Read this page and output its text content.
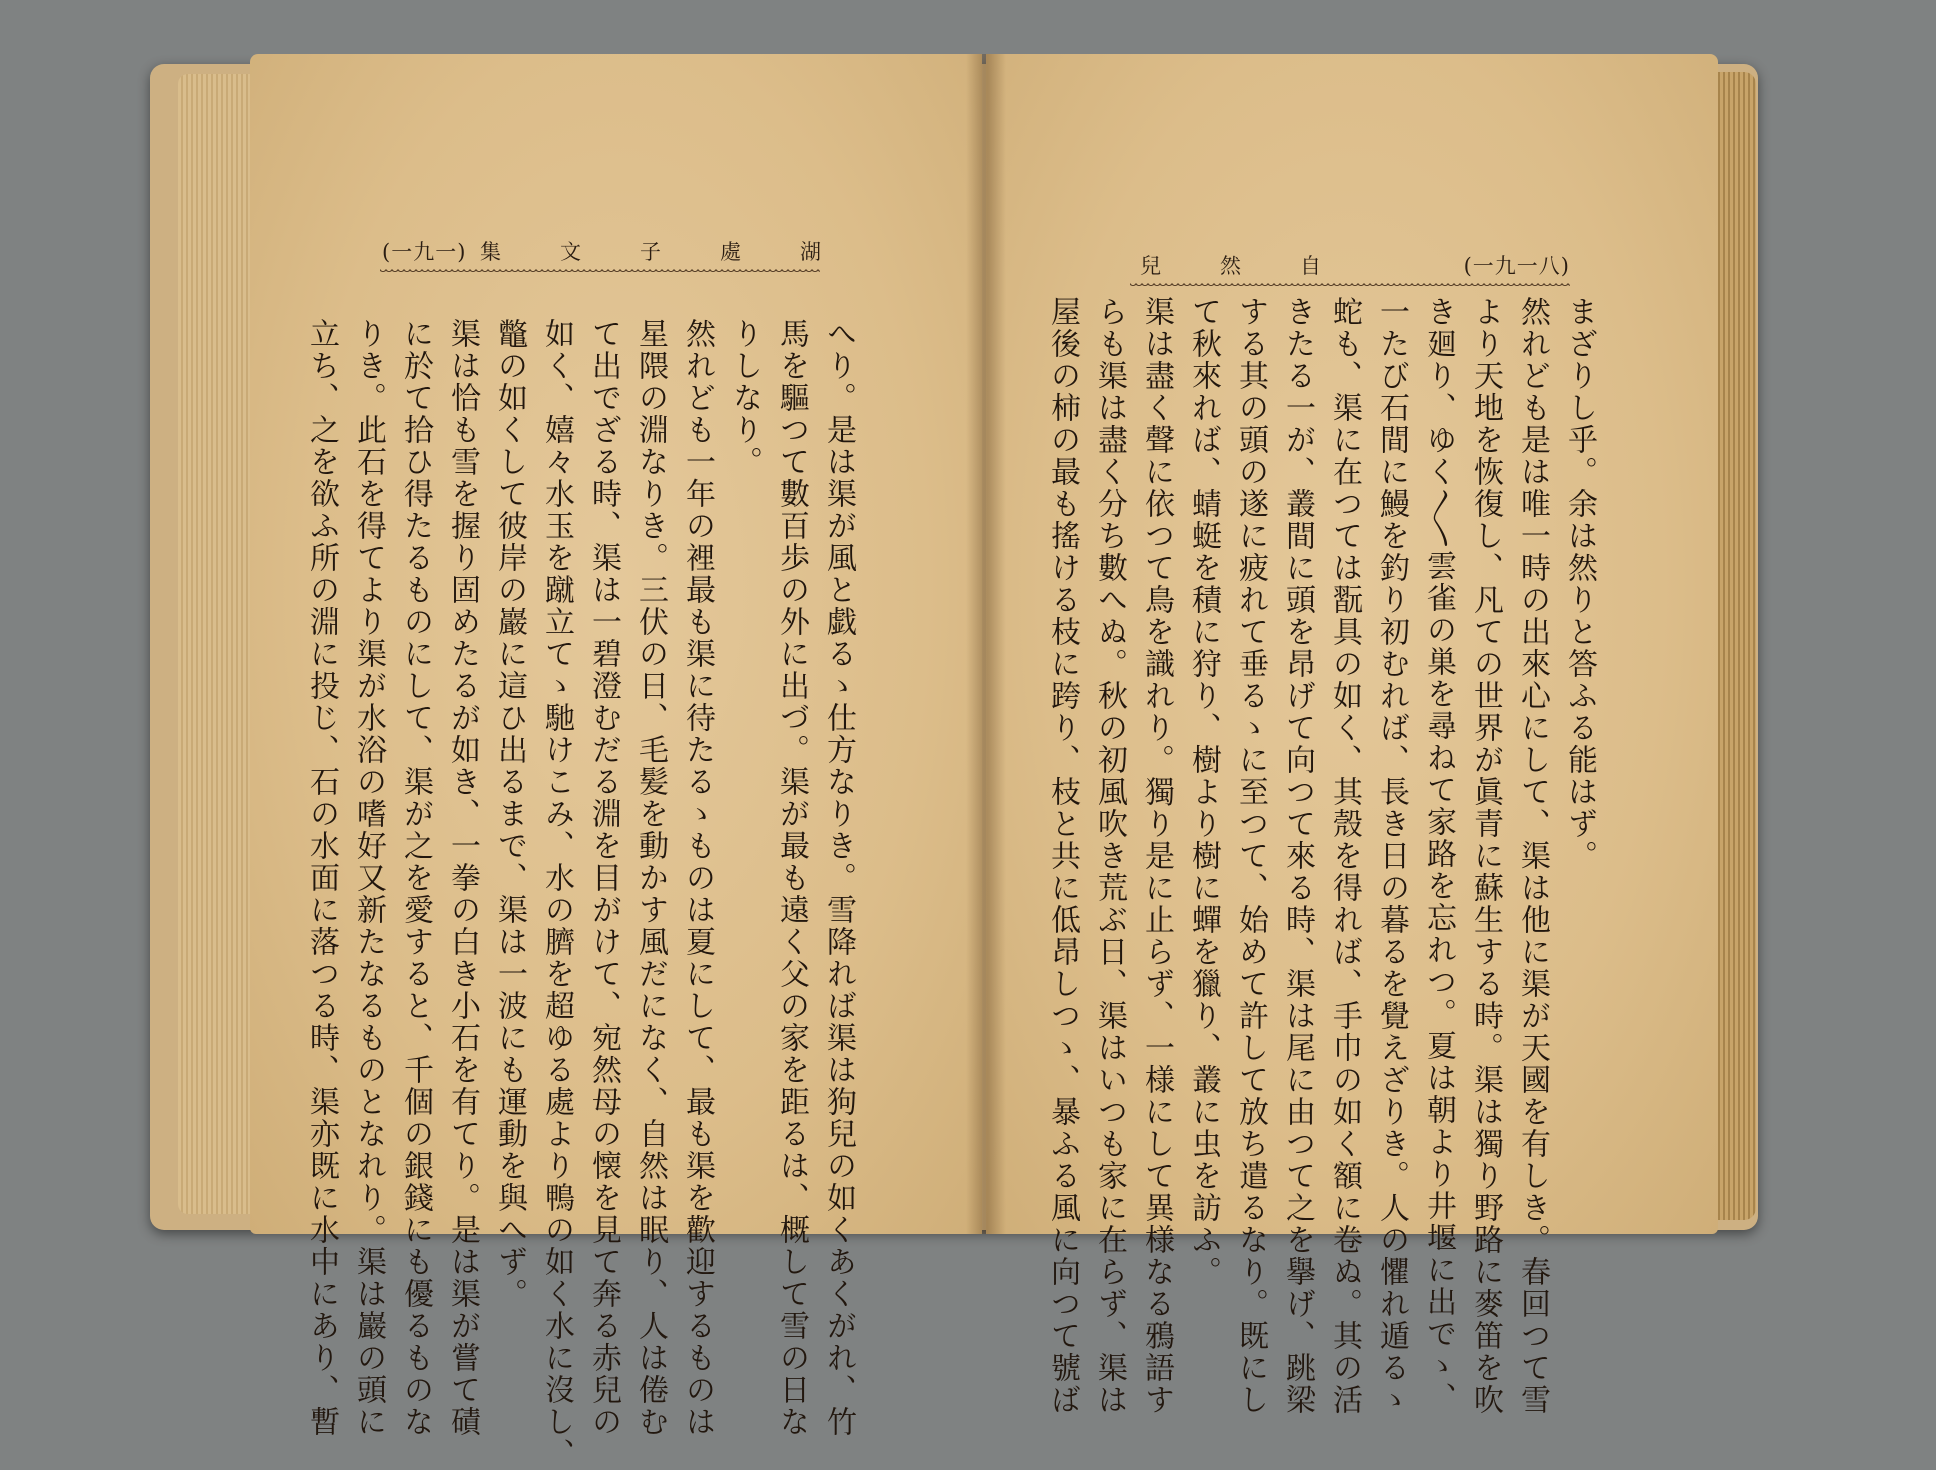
(一九一) 集	文	子	處	湖
兒	然	自	(一九一八)
へり。是は渠が風と戯るゝ仕方なりき。雪降れば渠は狗兒の如くあくがれ、竹
馬を驅つて數百歩の外に出づ。渠が最も遠く父の家を距るは、概して雪の日な
りしなり。
然れども一年の裡最も渠に待たるゝものは夏にして、最も渠を歡迎するものは
星隈の淵なりき。三伏の日、毛髪を動かす風だになく、自然は眠り、人は倦む
て出でざる時、渠は一碧澄むだる淵を目がけて、宛然母の懐を見て奔る赤兒の
如く、嬉々水玉を蹴立てゝ馳けこみ、水の臍を超ゆる處より鴨の如く水に沒し、
鼈の如くして彼岸の巖に這ひ出るまで、渠は一波にも運動を與へず。
渠は恰も雪を握り固めたるが如き、一拳の白き小石を有てり。是は渠が嘗て磧
に於て拾ひ得たるものにして、渠が之を愛すると、千個の銀錢にも優るものな
りき。此石を得てより渠が水浴の嗜好又新たなるものとなれり。渠は巖の頭に
立ち、之を欲ふ所の淵に投じ、石の水面に落つる時、渠亦既に水中にあり、暫	まざりし乎。余は然りと答ふる能はず。
然れども是は唯一時の出來心にして、渠は他に渠が天國を有しき。春回つて雪
より天地を恢復し、凡ての世界が眞青に蘇生する時。渠は獨り野路に麥笛を吹
き廻り、ゆく〳〵雲雀の巣を尋ねて家路を忘れつ。夏は朝より井堰に出でゝ、
一たび石間に鰻を釣り初むれば、長き日の暮るを覺えざりき。人の懼れ遁るゝ
蛇も、渠に在つては翫具の如く、其殼を得れば、手巾の如く額に卷ぬ。其の活
きたる一が、叢間に頭を昂げて向つて來る時、渠は尾に由つて之を擧げ、跳梁
する其の頭の遂に疲れて垂るゝに至つて、始めて許して放ち遣るなり。既にし
て秋來れば、蜻蜓を積に狩り、樹より樹に蟬を獵り、叢に虫を訪ふ。
渠は盡く聲に依つて鳥を識れり。獨り是に止らず、一様にして異様なる鴉語す
らも渠は盡く分ち數へぬ。秋の初風吹き荒ぶ日、渠はいつも家に在らず、渠は
屋後の柿の最も搖ける枝に跨り、枝と共に低昂しつゝ、暴ふる風に向つて號ば
